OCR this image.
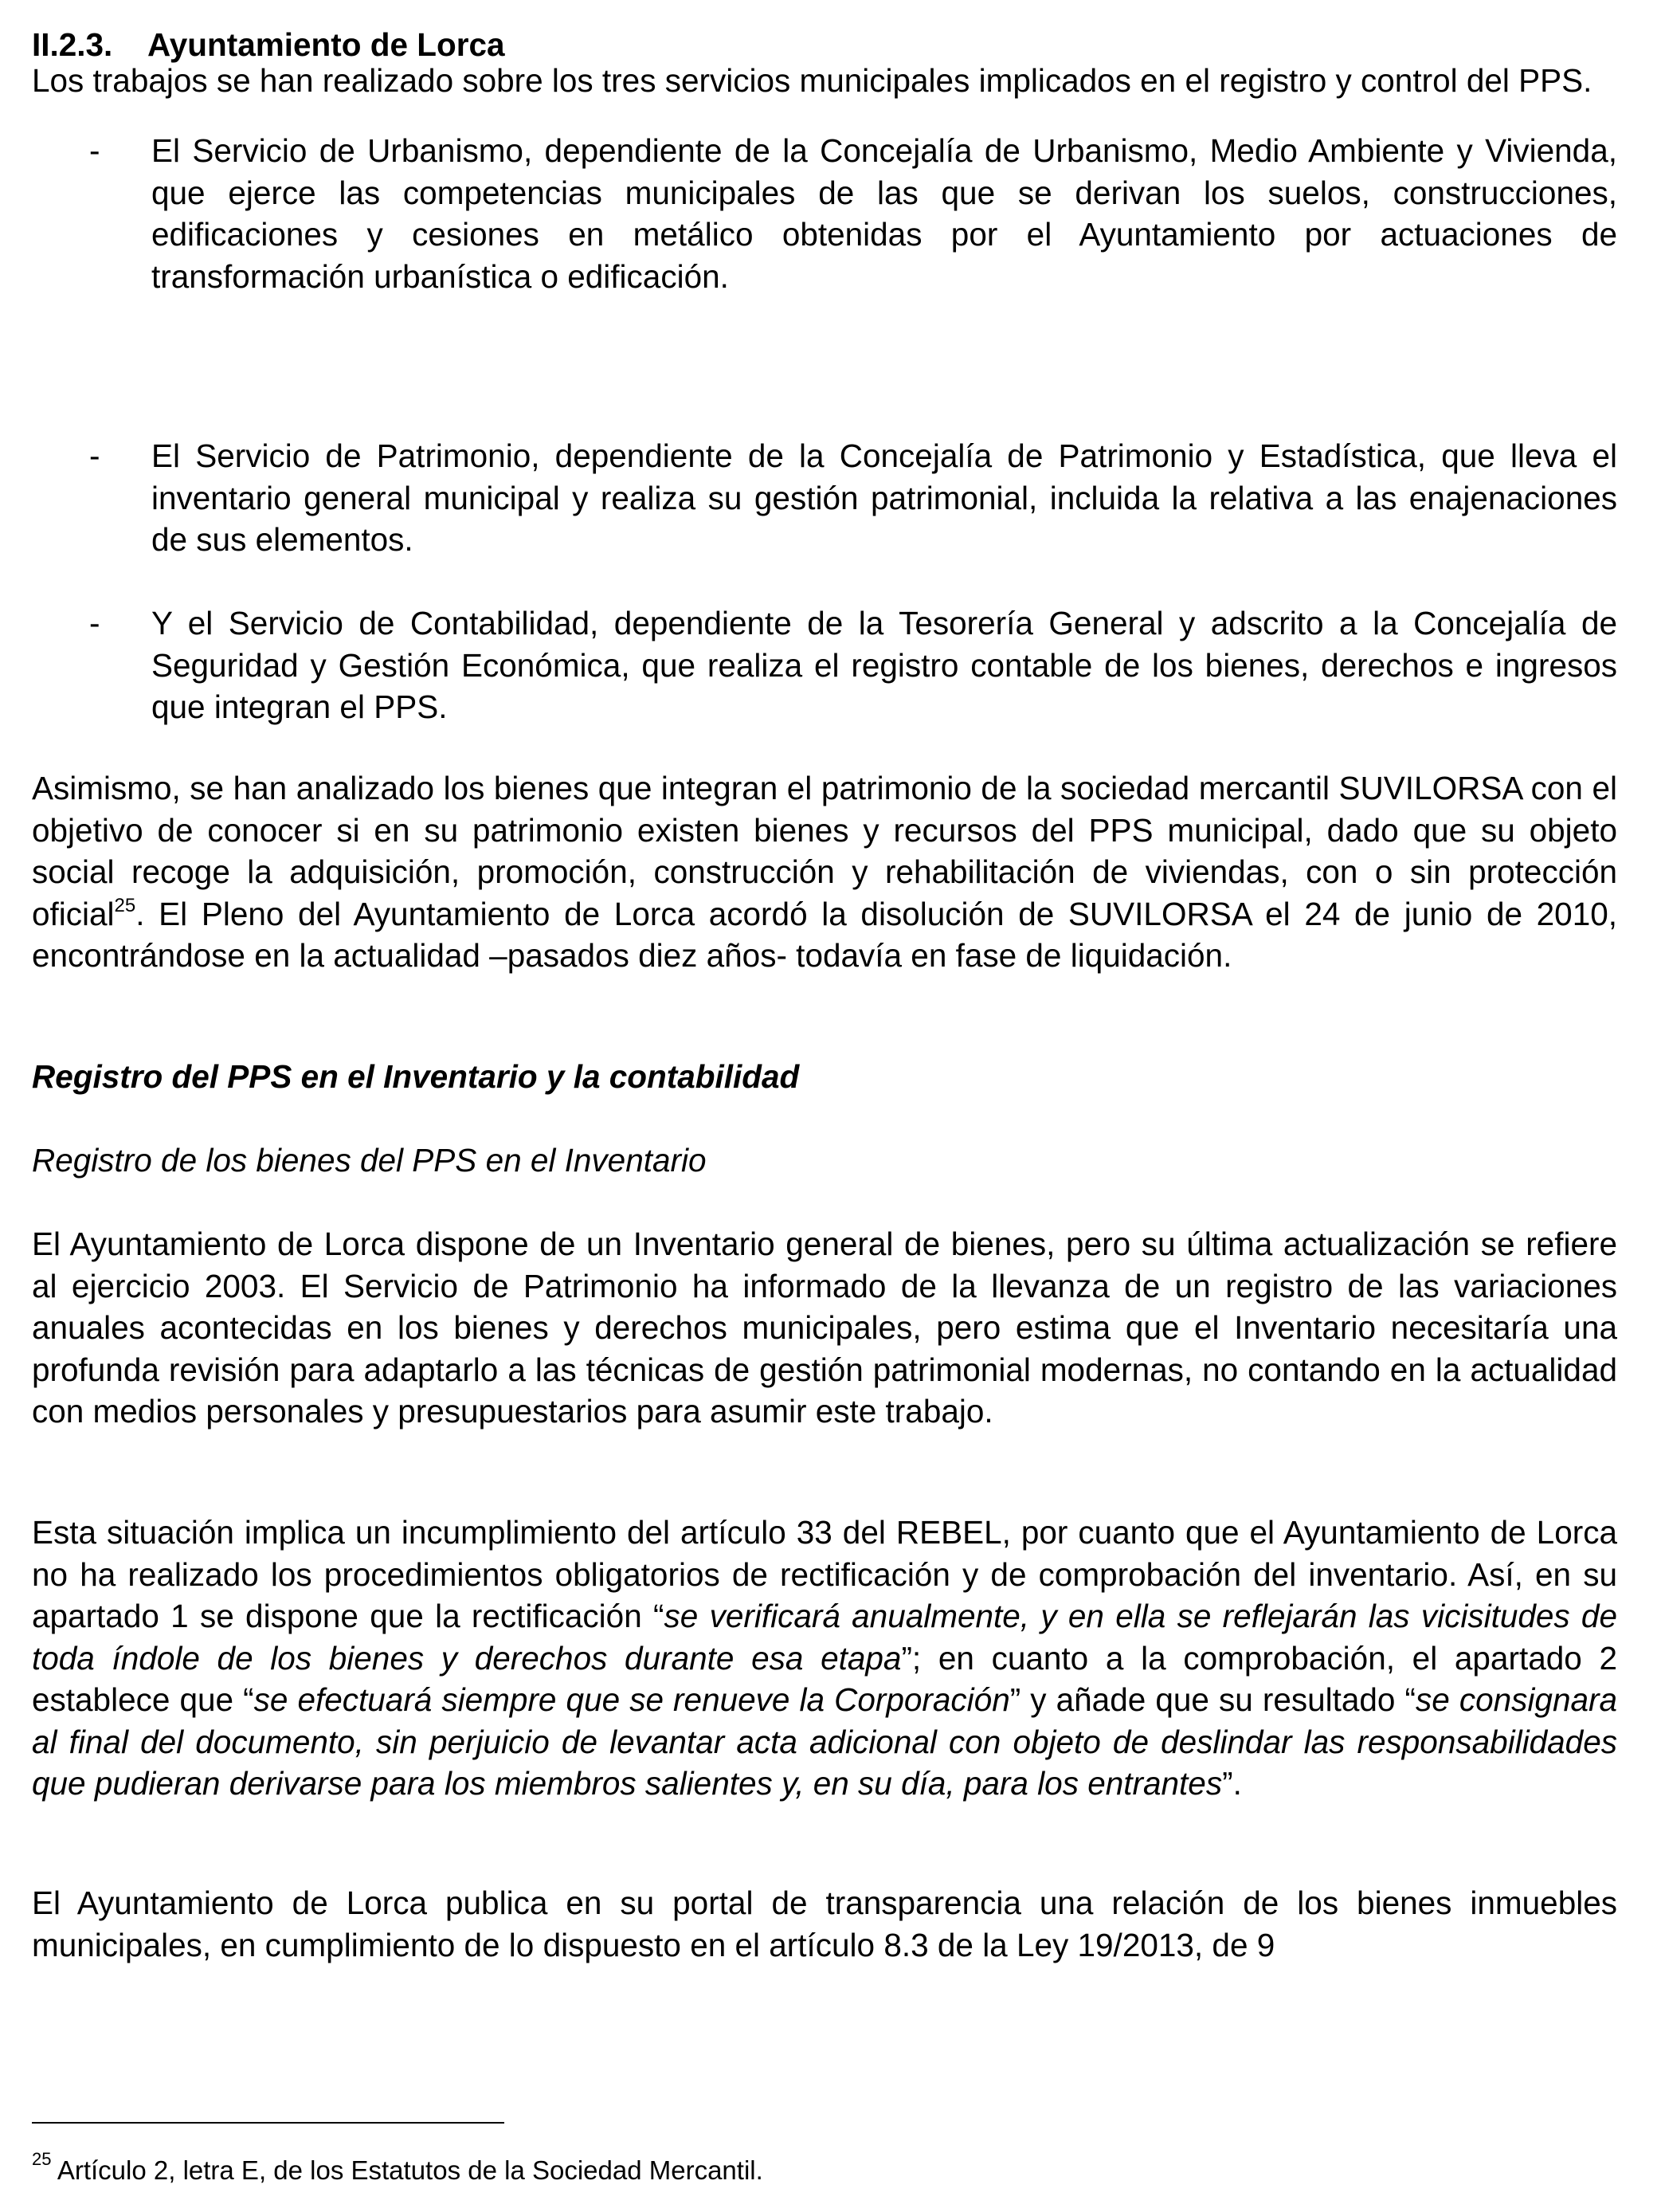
II.2.3. Ayuntamiento de Lorca

Los trabajos se han realizado sobre los tres servicios municipales implicados en el registro y control del PPS.

- El Servicio de Urbanismo, dependiente de la Concejalía de Urbanismo, Medio Ambiente y Vivienda, que ejerce las competencias municipales de las que se derivan los suelos, construcciones, edificaciones y cesiones en metálico obtenidas por el Ayuntamiento por actuaciones de transformación urbanística o edificación.

- El Servicio de Patrimonio, dependiente de la Concejalía de Patrimonio y Estadística, que lleva el inventario general municipal y realiza su gestión patrimonial, incluida la relativa a las enajenaciones de sus elementos.

- Y el Servicio de Contabilidad, dependiente de la Tesorería General y adscrito a la Concejalía de Seguridad y Gestión Económica, que realiza el registro contable de los bienes, derechos e ingresos que integran el PPS.

Asimismo, se han analizado los bienes que integran el patrimonio de la sociedad mercantil SUVILORSA con el objetivo de conocer si en su patrimonio existen bienes y recursos del PPS municipal, dado que su objeto social recoge la adquisición, promoción, construcción y rehabilitación de viviendas, con o sin protección oficial$^{25}$. El Pleno del Ayuntamiento de Lorca acordó la disolución de SUVILORSA el 24 de junio de 2010, encontrándose en la actualidad –pasados diez años- todavía en fase de liquidación.

Registro del PPS en el Inventario y la contabilidad
Registro de los bienes del PPS en el Inventario

El Ayuntamiento de Lorca dispone de un Inventario general de bienes, pero su última actualización se refiere al ejercicio 2003. El Servicio de Patrimonio ha informado de la llevanza de un registro de las variaciones anuales acontecidas en los bienes y derechos municipales, pero estima que el Inventario necesitaría una profunda revisión para adaptarlo a las técnicas de gestión patrimonial modernas, no contando en la actualidad con medios personales y presupuestarios para asumir este trabajo.

Esta situación implica un incumplimiento del artículo 33 del REBEL, por cuanto que el Ayuntamiento de Lorca no ha realizado los procedimientos obligatorios de rectificación y de comprobación del inventario. Así, en su apartado 1 se dispone que la rectificación “se verificará anualmente, y en ella se reflejarán las vicisitudes de toda índole de los bienes y derechos durante esa etapa”; en cuanto a la comprobación, el apartado 2 establece que “se efectuará siempre que se renueve la Corporación” y añade que su resultado “se consignara al final del documento, sin perjuicio de levantar acta adicional con objeto de deslindar las responsabilidades que pudieran derivarse para los miembros salientes y, en su día, para los entrantes”.

El Ayuntamiento de Lorca publica en su portal de transparencia una relación de los bienes inmuebles municipales, en cumplimiento de lo dispuesto en el artículo 8.3 de la Ley 19/2013, de 9

$^{25}$ Artículo 2, letra E, de los Estatutos de la Sociedad Mercantil.
